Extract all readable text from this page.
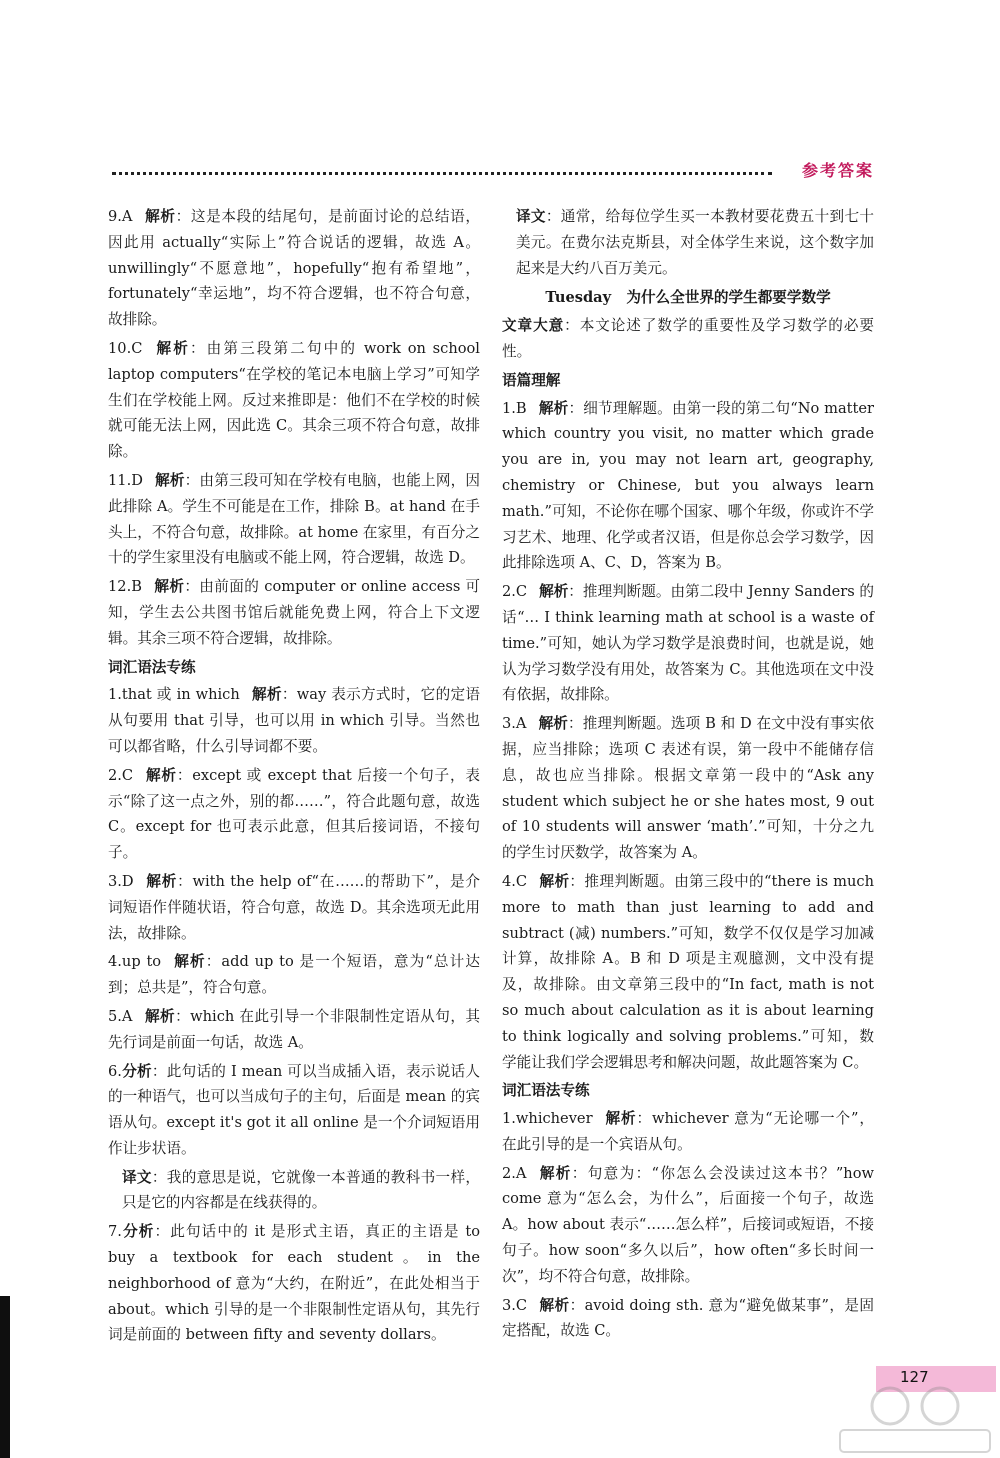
参考答案

9.A 解析：这是本段的结尾句，是前面讨论的总结语，因此用 actually“实际上”符合说话的逻辑，故选 A。unwillingly“不愿意地”，hopefully“抱有希望地”，fortunately“幸运地”，均不符合逻辑，也不符合句意，故排除。

10.C 解析：由第三段第二句中的 work on school laptop computers“在学校的笔记本电脑上学习”可知学生们在学校能上网。反过来推即是：他们不在学校的时候就可能无法上网，因此选 C。其余三项不符合句意，故排除。

11.D 解析：由第三段可知在学校有电脑，也能上网，因此排除 A。学生不可能是在工作，排除 B。at hand 在手头上，不符合句意，故排除。at home 在家里，有百分之十的学生家里没有电脑或不能上网，符合逻辑，故选 D。

12.B 解析：由前面的 computer or online access 可知，学生去公共图书馆后就能免费上网，符合上下文逻辑。其余三项不符合逻辑，故排除。

词汇语法专练

1.that 或 in which 解析：way 表示方式时，它的定语从句要用 that 引导，也可以用 in which 引导。当然也可以都省略，什么引导词都不要。

2.C 解析：except 或 except that 后接一个句子，表示“除了这一点之外，别的都……”，符合此题句意，故选 C。except for 也可表示此意，但其后接词语，不接句子。

3.D 解析：with the help of“在……的帮助下”，是介词短语作伴随状语，符合句意，故选 D。其余选项无此用法，故排除。

4.up to 解析：add up to 是一个短语，意为“总计达到；总共是”，符合句意。

5.A 解析：which 在此引导一个非限制性定语从句，其先行词是前面一句话，故选 A。

6.分析：此句话的 I mean 可以当成插入语，表示说话人的一种语气，也可以当成句子的主句，后面是 mean 的宾语从句。except it's got it all online 是一个介词短语用作让步状语。

译文：我的意思是说，它就像一本普通的教科书一样，只是它的内容都是在线获得的。

7.分析：此句话中的 it 是形式主语，真正的主语是 to buy a textbook for each student。in the neighborhood of 意为“大约，在附近”，在此处相当于 about。which 引导的是一个非限制性定语从句，其先行词是前面的 between fifty and seventy dollars。

译文：通常，给每位学生买一本教材要花费五十到七十美元。在费尔法克斯县，对全体学生来说，这个数字加起来是大约八百万美元。

Tuesday 为什么全世界的学生都要学数学

文章大意：本文论述了数学的重要性及学习数学的必要性。

语篇理解

1.B 解析：细节理解题。由第一段的第二句“No matter which country you visit, no matter which grade you are in, you may not learn art, geography, chemistry or Chinese, but you always learn math.”可知，不论你在哪个国家、哪个年级，你或许不学习艺术、地理、化学或者汉语，但是你总会学习数学，因此排除选项 A、C、D，答案为 B。

2.C 解析：推理判断题。由第二段中 Jenny Sanders 的话“… I think learning math at school is a waste of time.”可知，她认为学习数学是浪费时间，也就是说，她认为学习数学没有用处，故答案为 C。其他选项在文中没有依据，故排除。

3.A 解析：推理判断题。选项 B 和 D 在文中没有事实依据，应当排除；选项 C 表述有误，第一段中不能储存信息，故也应当排除。根据文章第一段中的“Ask any student which subject he or she hates most, 9 out of 10 students will answer ‘math’.”可知，十分之九的学生讨厌数学，故答案为 A。

4.C 解析：推理判断题。由第三段中的“there is much more to math than just learning to add and subtract (减) numbers.”可知，数学不仅仅是学习加减计算，故排除 A。B 和 D 项是主观臆测，文中没有提及，故排除。由文章第三段中的“In fact, math is not so much about calculation as it is about learning to think logically and solving problems.”可知，数学能让我们学会逻辑思考和解决问题，故此题答案为 C。

词汇语法专练

1.whichever 解析：whichever 意为“无论哪一个”，在此引导的是一个宾语从句。

2.A 解析：句意为：“你怎么会没读过这本书？”how come 意为“怎么会，为什么”，后面接一个句子，故选 A。how about 表示“……怎么样”，后接词或短语，不接句子。how soon“多久以后”，how often“多长时间一次”，均不符合句意，故排除。

3.C 解析：avoid doing sth. 意为“避免做某事”，是固定搭配，故选 C。

127
